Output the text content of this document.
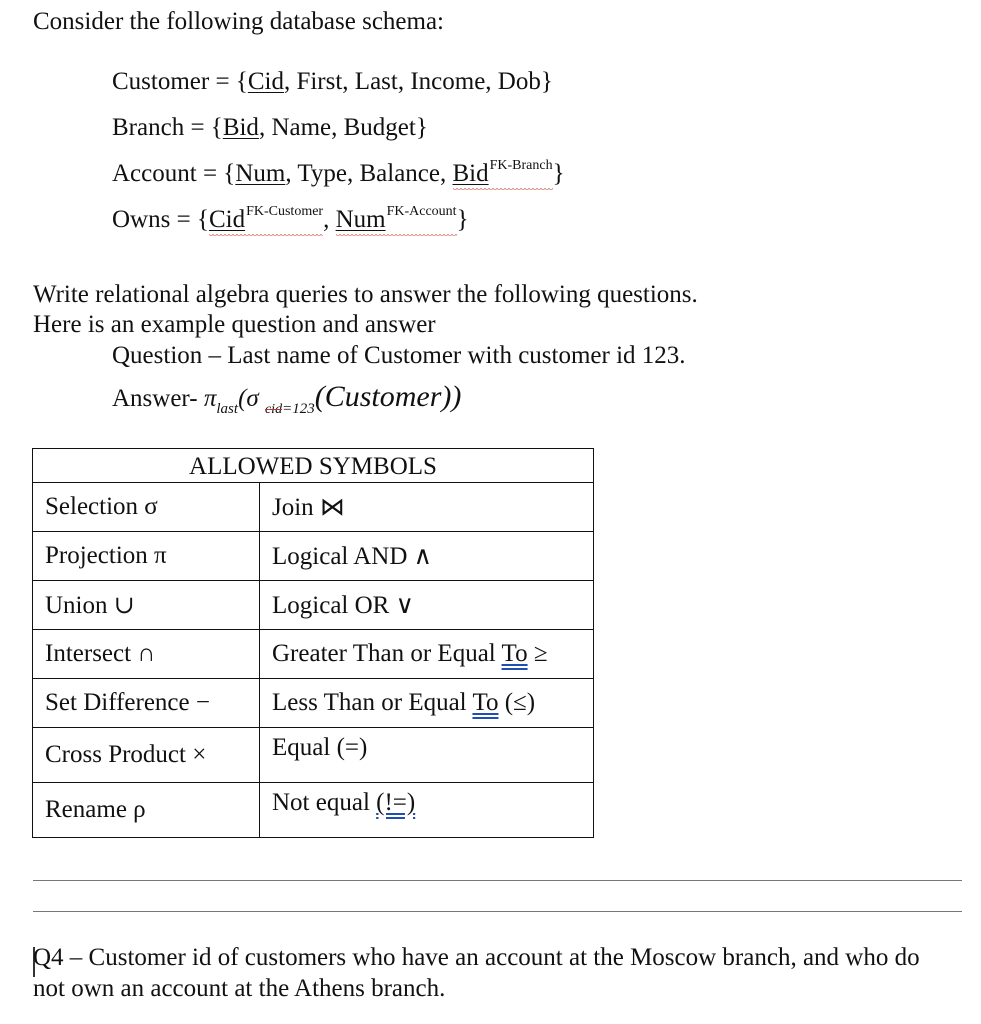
Consider the following database schema:
Customer = {Cid, First, Last, Income, Dob}
Branch = {Bid, Name, Budget}
Account = {Num, Type, Balance, Bid$^{FK-Branch}$
}
Owns = {Cid$^{FK-Customer}$
, Num$^{FK-Account}$
}
Write relational algebra queries to answer the following questions.
Here is an example question and answer
Question – Last name of Customer with customer id 123.
Answer- $\pi_{last}(\sigma$ $_{cid=123}$(Customer))
ALLOWED SYMBOLS	
Selection σ	Join ⋈
Projection π	Logical AND ∧
Union ∪	Logical OR ∨
Intersect ∩	Greater Than or Equal To ≥
Set Difference −	Less Than or Equal To (≤)
Cross Product ×	Equal (=)
Rename ρ	Not equal (!=)
Q4 – Customer id of customers who have an account at the Moscow branch, and who do
not own an account at the Athens branch.
